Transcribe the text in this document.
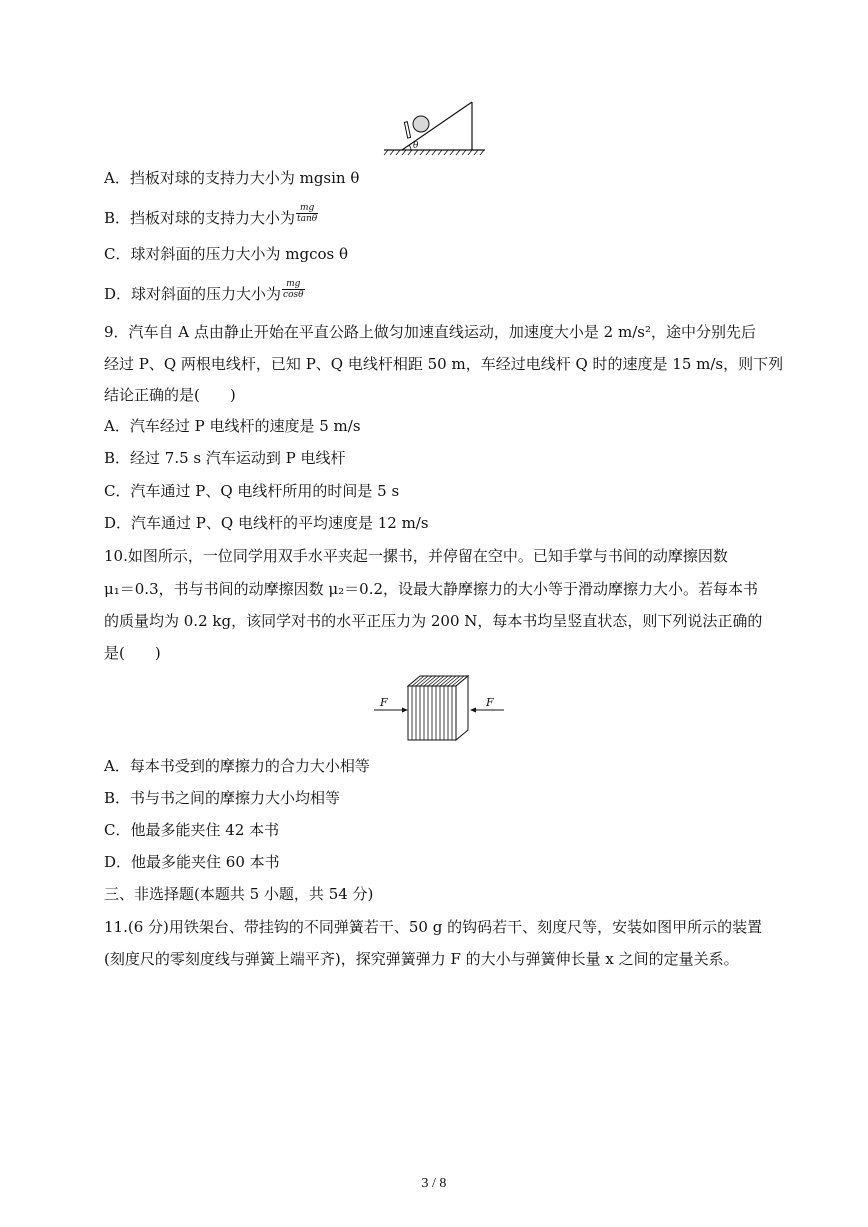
θ
A．挡板对球的支持力大小为 mgsin θ
B．挡板对球的支持力大小为 $\frac{mg}{\tan\theta}$
C．球对斜面的压力大小为 mgcos θ
D．球对斜面的压力大小为 $\frac{mg}{\cos\theta}$
9．汽车自 A 点由静止开始在平直公路上做匀加速直线运动，加速度大小是 2 m/s²，途中分别先后
经过 P、Q 两根电线杆，已知 P、Q 电线杆相距 50 m，车经过电线杆 Q 时的速度是 15 m/s，则下列
结论正确的是(　　)
A．汽车经过 P 电线杆的速度是 5 m/s
B．经过 7.5 s 汽车运动到 P 电线杆
C．汽车通过 P、Q 电线杆所用的时间是 5 s
D．汽车通过 P、Q 电线杆的平均速度是 12 m/s
10.如图所示，一位同学用双手水平夹起一摞书，并停留在空中。已知手掌与书间的动摩擦因数
μ₁＝0.3，书与书间的动摩擦因数 μ₂＝0.2，设最大静摩擦力的大小等于滑动摩擦力大小。若每本书
的质量均为 0.2 kg，该同学对书的水平正压力为 200 N，每本书均呈竖直状态，则下列说法正确的
是(　　)
F	F
A．每本书受到的摩擦力的合力大小相等
B．书与书之间的摩擦力大小均相等
C．他最多能夹住 42 本书
D．他最多能夹住 60 本书
三、非选择题(本题共 5 小题，共 54 分)
11.(6 分)用铁架台、带挂钩的不同弹簧若干、50 g 的钩码若干、刻度尺等，安装如图甲所示的装置
(刻度尺的零刻度线与弹簧上端平齐)，探究弹簧弹力 F 的大小与弹簧伸长量 x 之间的定量关系。
3 / 8
